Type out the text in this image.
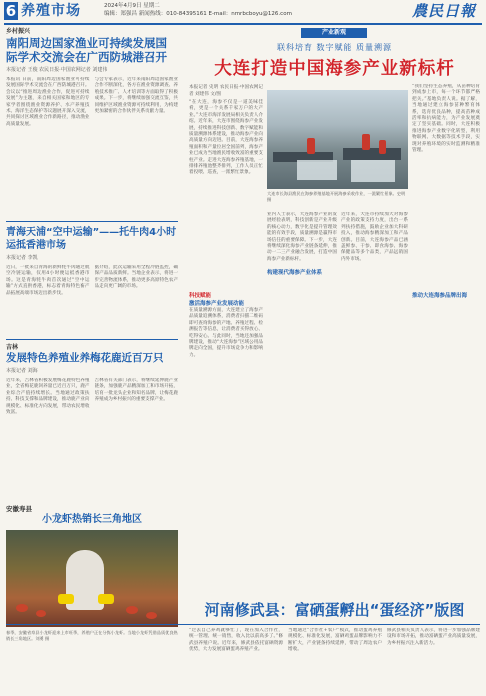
6 养殖市场	2024年4月9日 星期二
编辑：郑强昌 新闻热线：010-84395161 E-mail：nmrbcboyu@126.com	農民日報
乡村振兴
南阳周边国家渔业可持续发展国际学术交流会在广西防城港召开
本报记者 王俊 农民日报·中国农网记者 刘建伟
本报讯 日前，南阳周边国家渔业可持续发展国际学术交流会在广西防城港召开。会议以“推进周边渔业合作，促进可持续发展”为主题，来自相关国家和地区的专家学者围绕渔业资源养护、水产养殖技术、海洋生态保护等议题展开深入交流，共同探讨区域渔业合作新路径，推动渔业高质量发展。
与会专家表示，近年来南阳周边国家渔业合作不断深化，各方在渔业资源调查、养殖技术推广、人才培训等方面取得了积极成果。下一步，将继续加强交流互鉴，共同维护区域渔业资源可持续利用，为构建更加紧密的合作伙伴关系贡献力量。
青海天浦“空中运输”——托牛肉4小时运抵香港市场
本报记者 李凯
近日，一批来自青海的新鲜牦牛肉通过航空冷链运输，仅用4小时便运抵香港市场。这是青海牦牛肉首次通过“空中运输”方式直供香港，标志着青海特色畜产品拓展高端市场迈出新步伐。
据介绍，此次运输采用全程冷链监控，确保产品品质新鲜。当地企业表示，将进一步完善物流体系，推动更多高原特色农产品走向更广阔的市场。
吉林
发展特色养殖业养梅花鹿近百万只
本报记者 刘海
近年来，吉林省积极发展梅花鹿特色养殖业，全省梅花鹿饲养量已近百万只，鹿产业综合产值持续增长。当地通过政策扶持、科技支撑和品牌建设，推动鹿产业向规模化、标准化方向发展，带动农民增收致富。
吉林省有关部门表示，将继续延伸鹿产业链条，加强鹿产品精深加工和市场开拓，培育一批龙头企业和知名品牌，让梅花鹿养殖成为乡村振兴的重要支撑产业。
产业新观
联科培育 数字赋能 质量溯源
大连打造中国海参产业新标杆
本报记者 史明 农民日报·中国农网记者 刘建伟 文/图
“在大连，海参不仅是一道美味佳肴，更是一个关系千家万户的大产业。”大连市海洋发展局相关负责人介绍。近年来，大连市围绕海参产业发展，持续推进科技创新、数字赋能和质量溯源体系建设，推动海参产业向高质量方向迈进。目前，大连海参养殖面积和产量位居全国前列，海参产业已成为当地渔民增收致富的重要支柱产业。走进大连海参养殖基地，一排排养殖池整齐排列，工作人员正忙着投喂、巡查，一派繁忙景象。
大连市长海县渔民在海参养殖基地开展海参采收作业，一派繁忙景象。史明 摄
“我们坚持生态养殖，从苗种培育到成参上市，每一个环节都严格把关。”基地负责人说。据了解，当地通过建立海参苗种繁育体系，选育优良品种，提高苗种成活率和抗病能力，为产业发展奠定了坚实基础。同时，大连积极推进海参产业数字化转型，利用物联网、大数据等技术手段，实现对养殖环境的实时监测和精准管理。
科技赋能
激活海参产业发展动能
在质量溯源方面，大连建立了海参产品质量追溯体系，消费者扫描二维码即可查询海参的产地、养殖过程、检测报告等信息，让消费者买得放心、吃得安心。与此同时，当地还加强品牌建设，推动“大连海参”区域公用品牌走向全国，提升市场竞争力和影响力。
业内人士表示，大连海参产业的发展经验表明，科技创新是产业升级的核心动力，数字化是提升管理效能的有效手段，质量溯源是赢得市场信任的重要保障。下一步，大连将继续深化海参产业链条延伸，推动一二三产业融合发展，打造中国海参产业新标杆。
构建现代海参产业体系
近年来，大连市持续加大对海参产业的政策支持力度，出台一系列扶持措施，鼓励企业加大科研投入，推动海参精深加工和产品创新。目前，大连海参产品已涵盖鲜参、干参、即食海参、海参保健品等多个品类，产品远销国内外市场。
推动大连海参品牌出海
安徽寿县
小龙虾热销长三角地区
春季，安徽省寿县小龙虾迎来上市旺季，养殖户正在分拣小龙虾。当地小龙虾凭借品质优良热销长三角地区。刘勇 摄
河南修武县：富硒蛋孵出“蛋经济”版图
“过去自己养鸡就够忙了，现在加入合作社，统一管理、统一销售，收入比以前高多了。”修武县养殖户说。近年来，修武县依托富硒资源优势，大力发展富硒蛋鸡养殖产业。
当地通过“合作社+农户”模式，推动蛋鸡养殖规模化、标准化发展，富硒鸡蛋品牌影响力不断扩大，产业链条持续延伸，带动了周边农户增收。
修武县相关负责人表示，将进一步加强品牌建设和市场开拓，推动富硒蛋产业高质量发展，为乡村振兴注入新活力。
